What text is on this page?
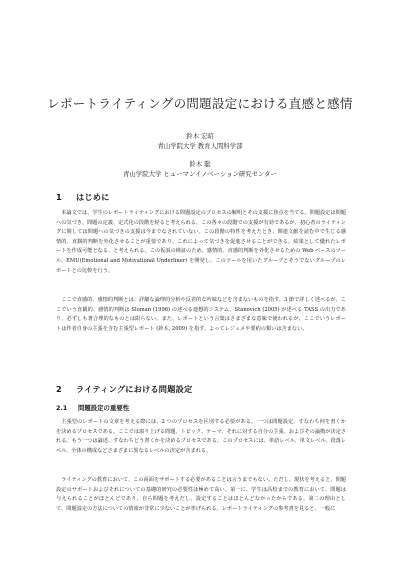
レポートライティングの問題設定における直感と感情
鈴木 宏昭
青山学院大学 教育人間科学部
鈴木 聡
青山学院大学 ヒューマンイノベーション研究センター
1 はじめに

本論文では、学生のレポートライティングにおける問題設定のプロセスの解明とその支援に焦点を当てる。問題設定は問題への気づき、問題の定義、定式化の段階を経ると考えられる。この各々の段階での支援が有効であるが、初心者のライティングに関しては問題への気づきの支援は今までなされていない。この段階の特性を考えたとき、関連文献を読む中で生じる感情的、直観的判断を外化させることが重要であり、これによって気づきを促進させることができる。結果として優れたレポートを作成可能となる、と考えられる。この仮説の検証のため、感情的、直感的判断を外化させるための Web ベースのツール、EMU(Emotional and Motivational Underliner) を開発し、このツールを用いたグループとそうでないグループのレポートとの比較を行う。

ここで直感的、感情的判断とは、詳細な論理的分析や反省的な吟味などを含まないものを指す。3 節で詳しく述べるが、ここでいう直観的、感情的判断は Sloman (1996) の述べる連想的システム、Stanovich (2005) が述べる TASS の出力であり、必ずしも著合理的なものとは限らない。また、レポートという言葉はさまざまな意味で使われるが、ここでいうレポートは作者自身の主張を含む主張型レポート (鈴木, 2009) を指す。よってレジュメや要約の類いは含まない。

2 ライティングにおける問題設定
2.1 問題設定の重要性

主張型のレポートの文章を考える際には、2 つのプロセスを区別する必要がある。一つは問題設定、すなわち何を書くかを決めるプロセスである。ここでは取り上げる問題、トピック、テーマ、それに対する自分の主張、およびその論拠が決定される。もう一つは論述、すなわちどう書くかを決めるプロセスである。このプロセスには、単語レベル、単文レベル、段落レベル、全体の構成などさまざまに異なるレベルの決定が含まれる。

ライティングの教育において、この両面をサポートする必要があることは言うまでもない。ただし、現状を考えると、問題設定のサポートおよびそれについての基礎的研究の必要性は極めて高い。第一に、学生は高校までの教育において、問題は与えられることがほとんどであり、自ら問題を考えだし、設定することはほとんどなかったからである。第二の理由として、問題設定の方法についての情報が非常に少ないことが挙げられる。レポートライティングの参考書を見ると、一般に
